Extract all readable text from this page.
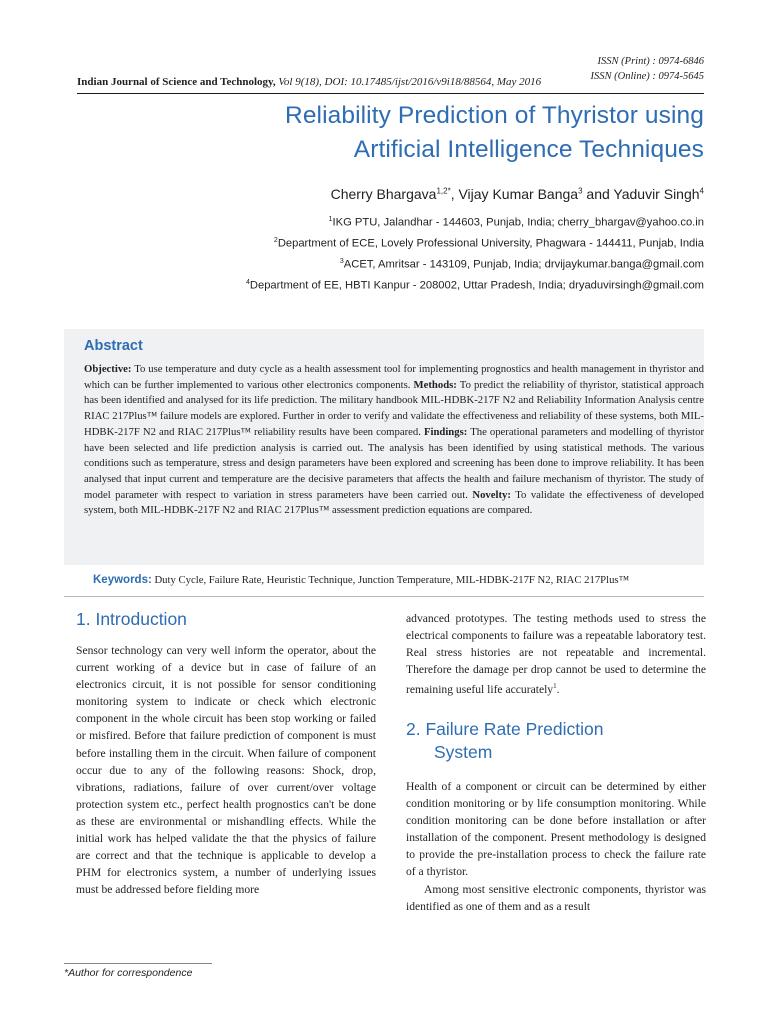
ISSN (Print) : 0974-6846
ISSN (Online) : 0974-5645
Indian Journal of Science and Technology, Vol 9(18), DOI: 10.17485/ijst/2016/v9i18/88564, May 2016
Reliability Prediction of Thyristor using
Artificial Intelligence Techniques
Cherry Bhargava$^{1,2*}$, Vijay Kumar Banga$^3$ and Yaduvir Singh$^4$
$^1$IKG PTU, Jalandhar - 144603, Punjab, India; cherry_bhargav@yahoo.co.in
$^2$Department of ECE, Lovely Professional University, Phagwara - 144411, Punjab, India
$^3$ACET, Amritsar - 143109, Punjab, India; drvijaykumar.banga@gmail.com
$^4$Department of EE, HBTI Kanpur - 208002, Uttar Pradesh, India; dryaduvirsingh@gmail.com
Abstract
Objective: To use temperature and duty cycle as a health assessment tool for implementing prognostics and health management in thyristor and which can be further implemented to various other electronics components. Methods: To predict the reliability of thyristor, statistical approach has been identified and analysed for its life prediction. The military handbook MIL-HDBK-217F N2 and Reliability Information Analysis centre RIAC 217Plus™ failure models are explored. Further in order to verify and validate the effectiveness and reliability of these systems, both MIL-HDBK-217F N2 and RIAC 217Plus™ reliability results have been compared. Findings: The operational parameters and modelling of thyristor have been selected and life prediction analysis is carried out. The analysis has been identified by using statistical methods. The various conditions such as temperature, stress and design parameters have been explored and screening has been done to improve reliability. It has been analysed that input current and temperature are the decisive parameters that affects the health and failure mechanism of thyristor. The study of model parameter with respect to variation in stress parameters have been carried out. Novelty: To validate the effectiveness of developed system, both MIL-HDBK-217F N2 and RIAC 217Plus™ assessment prediction equations are compared.
Keywords: Duty Cycle, Failure Rate, Heuristic Technique, Junction Temperature, MIL-HDBK-217F N2, RIAC 217Plus™
1. Introduction

Sensor technology can very well inform the operator, about the current working of a device but in case of failure of an electronics circuit, it is not possible for sensor conditioning monitoring system to indicate or check which electronic component in the whole circuit has been stop working or failed or misfired. Before that failure prediction of component is must before installing them in the circuit. When failure of component occur due to any of the following reasons: Shock, drop, vibrations, radiations, failure of over current/over voltage protection system etc., perfect health prognostics can't be done as these are environmental or mishandling effects. While the initial work has helped validate the that the physics of failure are correct and that the technique is applicable to develop a PHM for electronics system, a number of underlying issues must be addressed before fielding more

advanced prototypes. The testing methods used to stress the electrical components to failure was a repeatable laboratory test. Real stress histories are not repeatable and incremental. Therefore the damage per drop cannot be used to determine the remaining useful life accurately$^1$.

2. Failure Rate Prediction
System

Health of a component or circuit can be determined by either condition monitoring or by life consumption monitoring. While condition monitoring can be done before installation or after installation of the component. Present methodology is designed to provide the pre-installation process to check the failure rate of a thyristor.

Among most sensitive electronic components, thyristor was identified as one of them and as a result

*Author for correspondence
